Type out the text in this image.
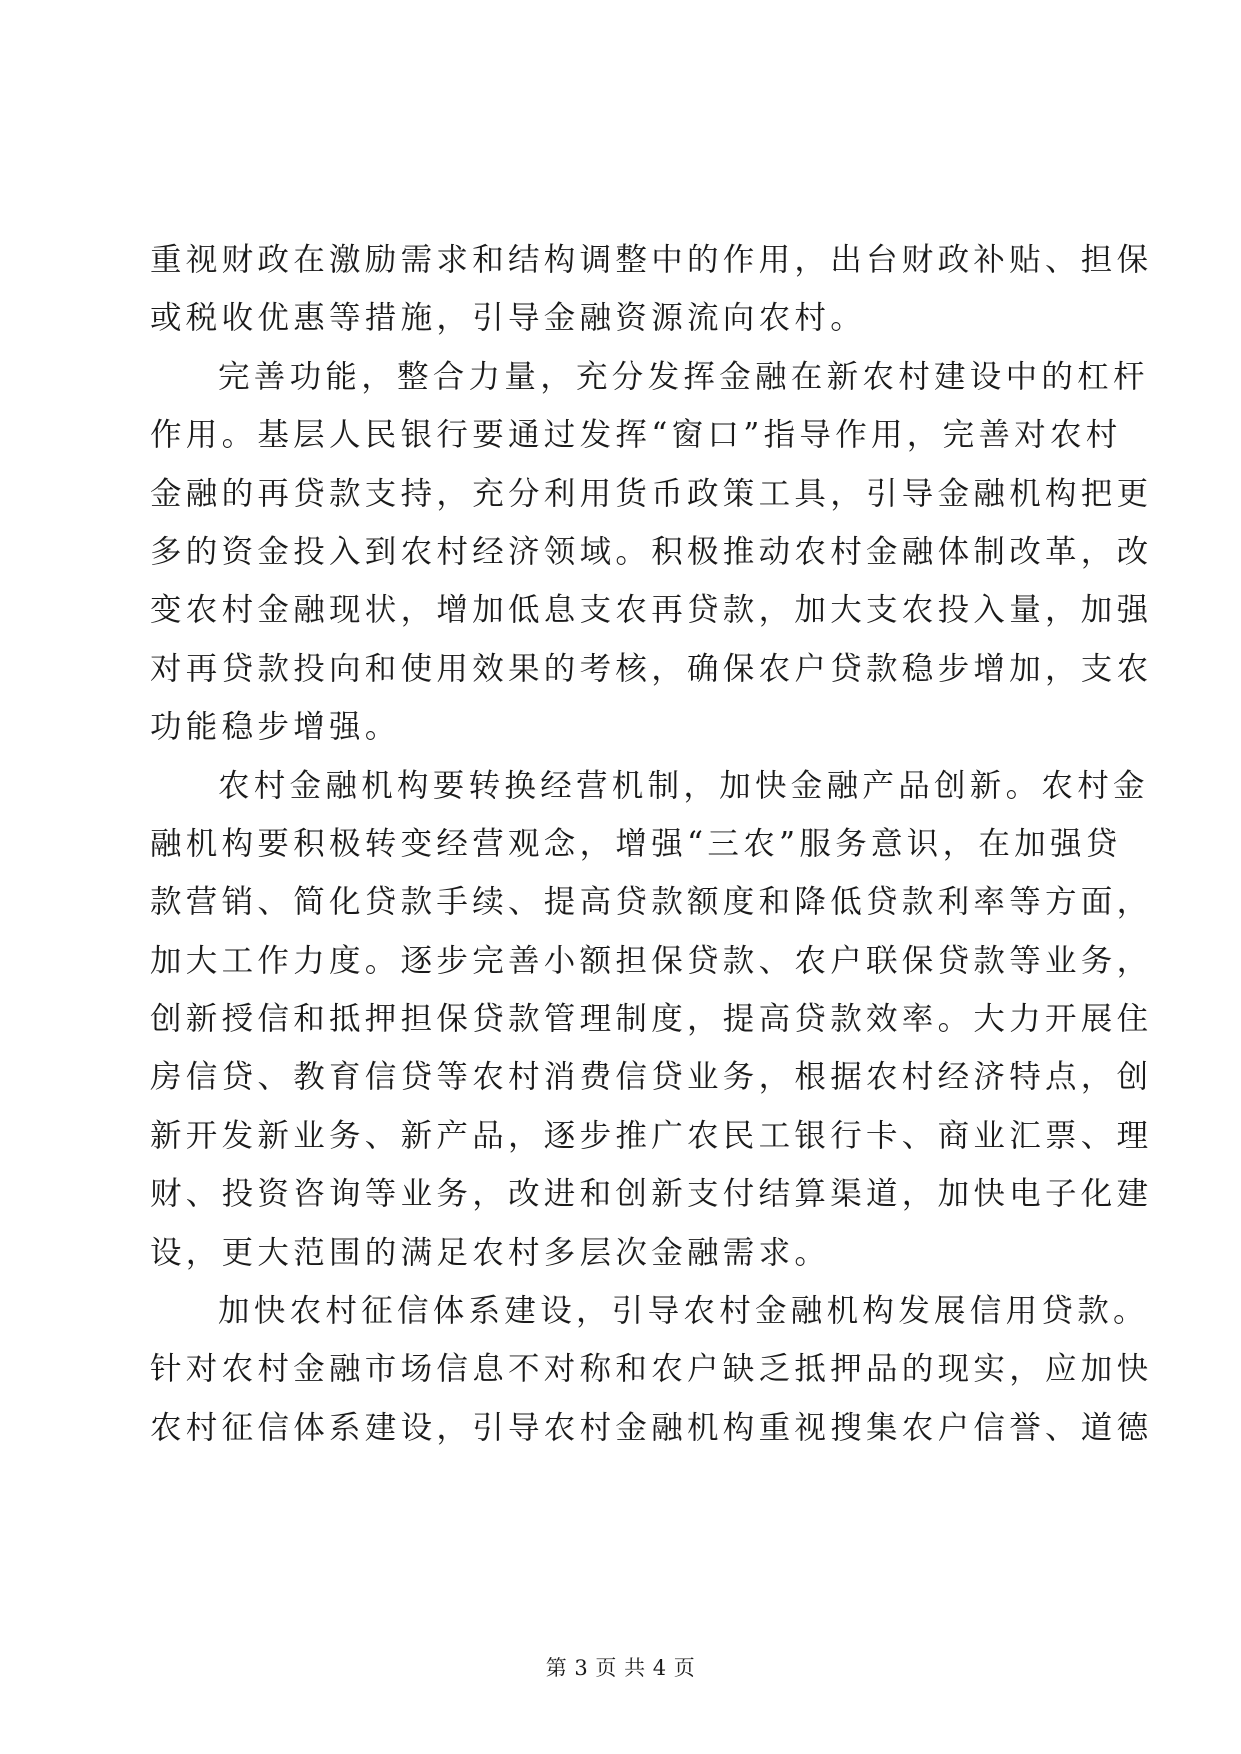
重视财政在激励需求和结构调整中的作用，出台财政补贴、担保
或税收优惠等措施，引导金融资源流向农村。
完善功能，整合力量，充分发挥金融在新农村建设中的杠杆
作用。基层人民银行要通过发挥“窗口”指导作用，完善对农村
金融的再贷款支持，充分利用货币政策工具，引导金融机构把更
多的资金投入到农村经济领域。积极推动农村金融体制改革，改
变农村金融现状，增加低息支农再贷款，加大支农投入量，加强
对再贷款投向和使用效果的考核，确保农户贷款稳步增加，支农
功能稳步增强。
农村金融机构要转换经营机制，加快金融产品创新。农村金
融机构要积极转变经营观念，增强“三农”服务意识，在加强贷
款营销、简化贷款手续、提高贷款额度和降低贷款利率等方面，
加大工作力度。逐步完善小额担保贷款、农户联保贷款等业务，
创新授信和抵押担保贷款管理制度，提高贷款效率。大力开展住
房信贷、教育信贷等农村消费信贷业务，根据农村经济特点，创
新开发新业务、新产品，逐步推广农民工银行卡、商业汇票、理
财、投资咨询等业务，改进和创新支付结算渠道，加快电子化建
设，更大范围的满足农村多层次金融需求。
加快农村征信体系建设，引导农村金融机构发展信用贷款。
针对农村金融市场信息不对称和农户缺乏抵押品的现实，应加快
农村征信体系建设，引导农村金融机构重视搜集农户信誉、道德
第 3 页 共 4 页
